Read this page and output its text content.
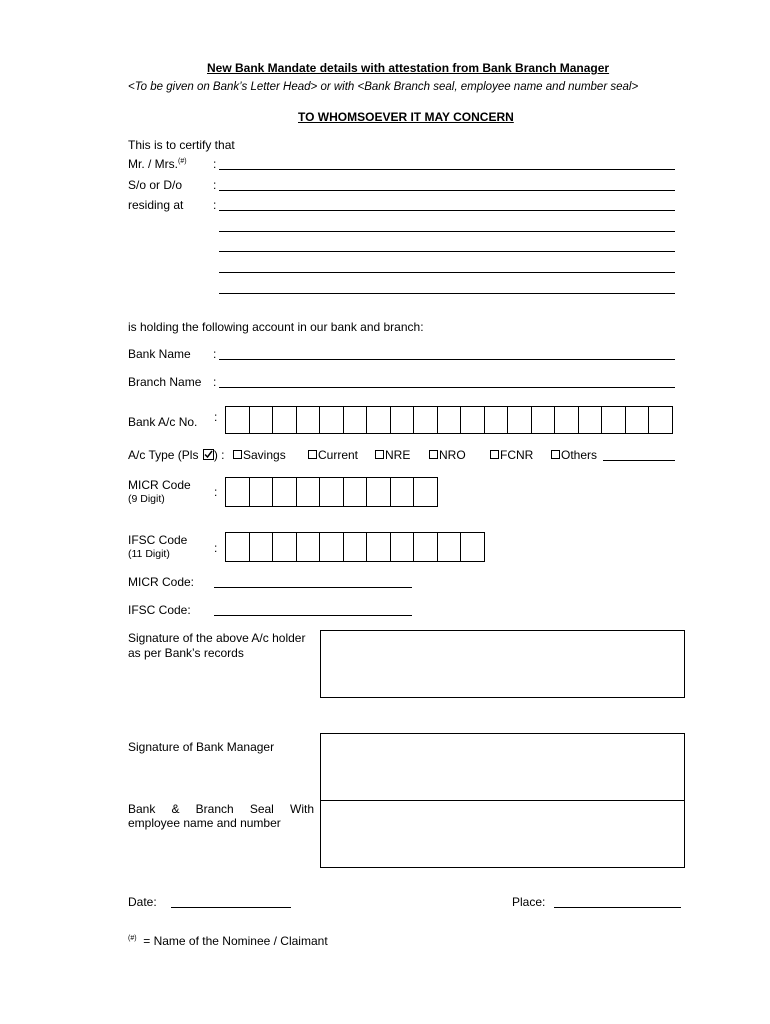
New Bank Mandate details with attestation from Bank Branch Manager
<To be given on Bank’s Letter Head> or with <Bank Branch seal, employee name and number seal>
TO WHOMSOEVER IT MAY CONCERN
This is to certify that
Mr. / Mrs.(#) :
S/o or D/o	:
residing at :
is holding the following account in our bank and branch:
Bank Name :
Branch Name :
Bank A/c No. :
A/c Type (Pls ) :	Savings	Current	NRE	NRO	FCNR	Others
MICR Code
(9 Digit)	:
IFSC Code
(11 Digit)	:
MICR Code:
IFSC Code:
Signature of the above A/c holder
as per Bank’s records
Signature of Bank Manager
Bank & Branch Seal With
employee name and number
Date:	Place:
(#) = Name of the Nominee / Claimant
